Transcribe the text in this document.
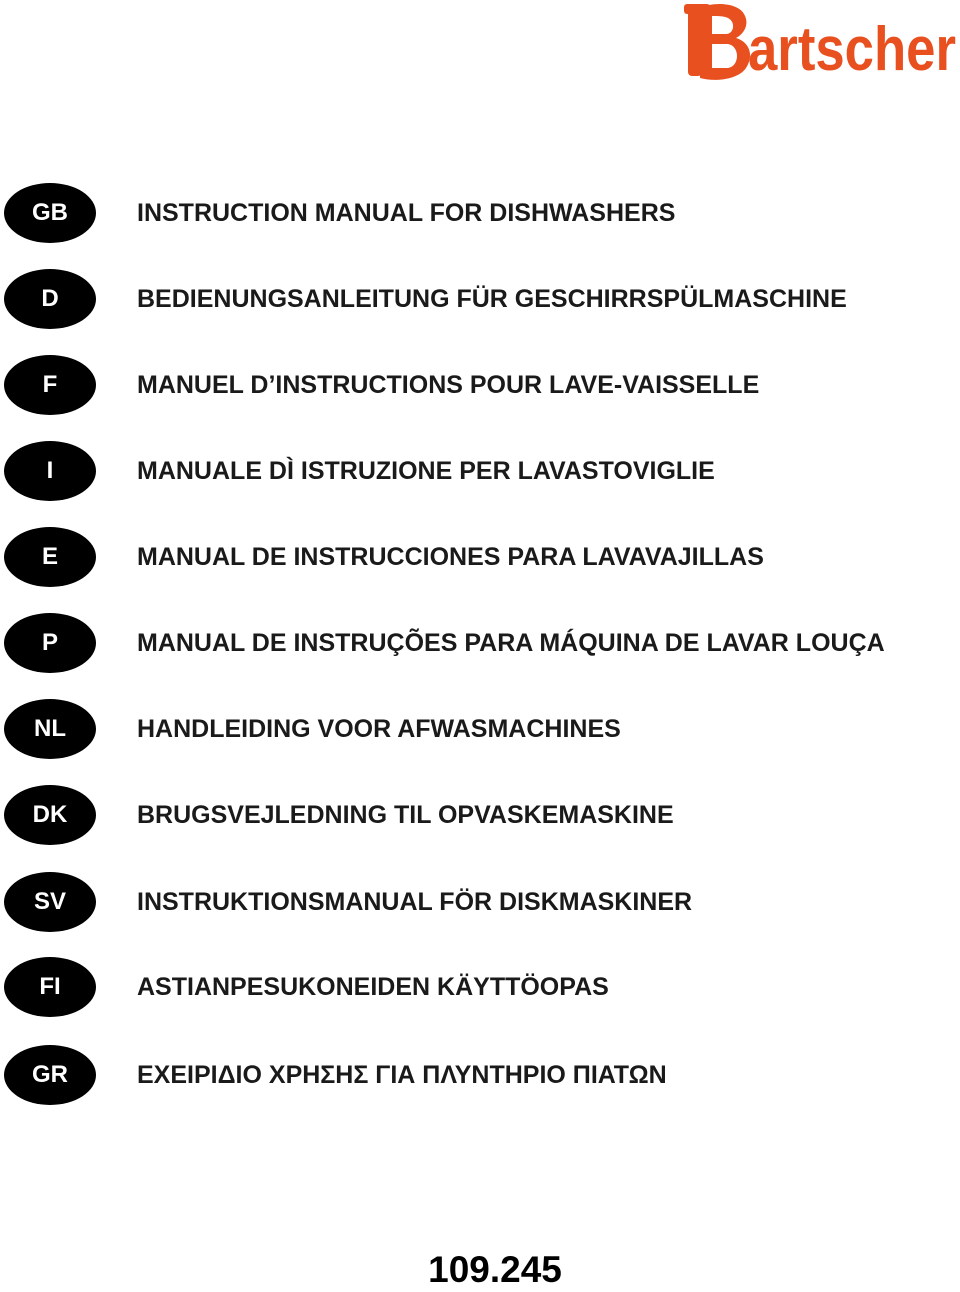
artscher
GB	INSTRUCTION MANUAL FOR DISHWASHERS
D	BEDIENUNGSANLEITUNG FÜR GESCHIRRSPÜLMASCHINE
F	MANUEL D’INSTRUCTIONS POUR LAVE-VAISSELLE
I	MANUALE DÌ ISTRUZIONE PER LAVASTOVIGLIE
E	MANUAL DE INSTRUCCIONES PARA LAVAVAJILLAS
P	MANUAL DE INSTRUÇÕES PARA MÁQUINA DE LAVAR LOUÇA
NL	HANDLEIDING VOOR AFWASMACHINES
DK	BRUGSVEJLEDNING TIL OPVASKEMASKINE
SV	INSTRUKTIONSMANUAL FÖR DISKMASKINER
FI	ASTIANPESUKONEIDEN KÄYTTÖOPAS
GR	ΕΧΕΙΡΙΔΙΟ ΧΡΗΣΗΣ ΓΙΑ ΠΛΥΝΤΗΡΙΟ ΠΙΑΤΩΝ
109.245
